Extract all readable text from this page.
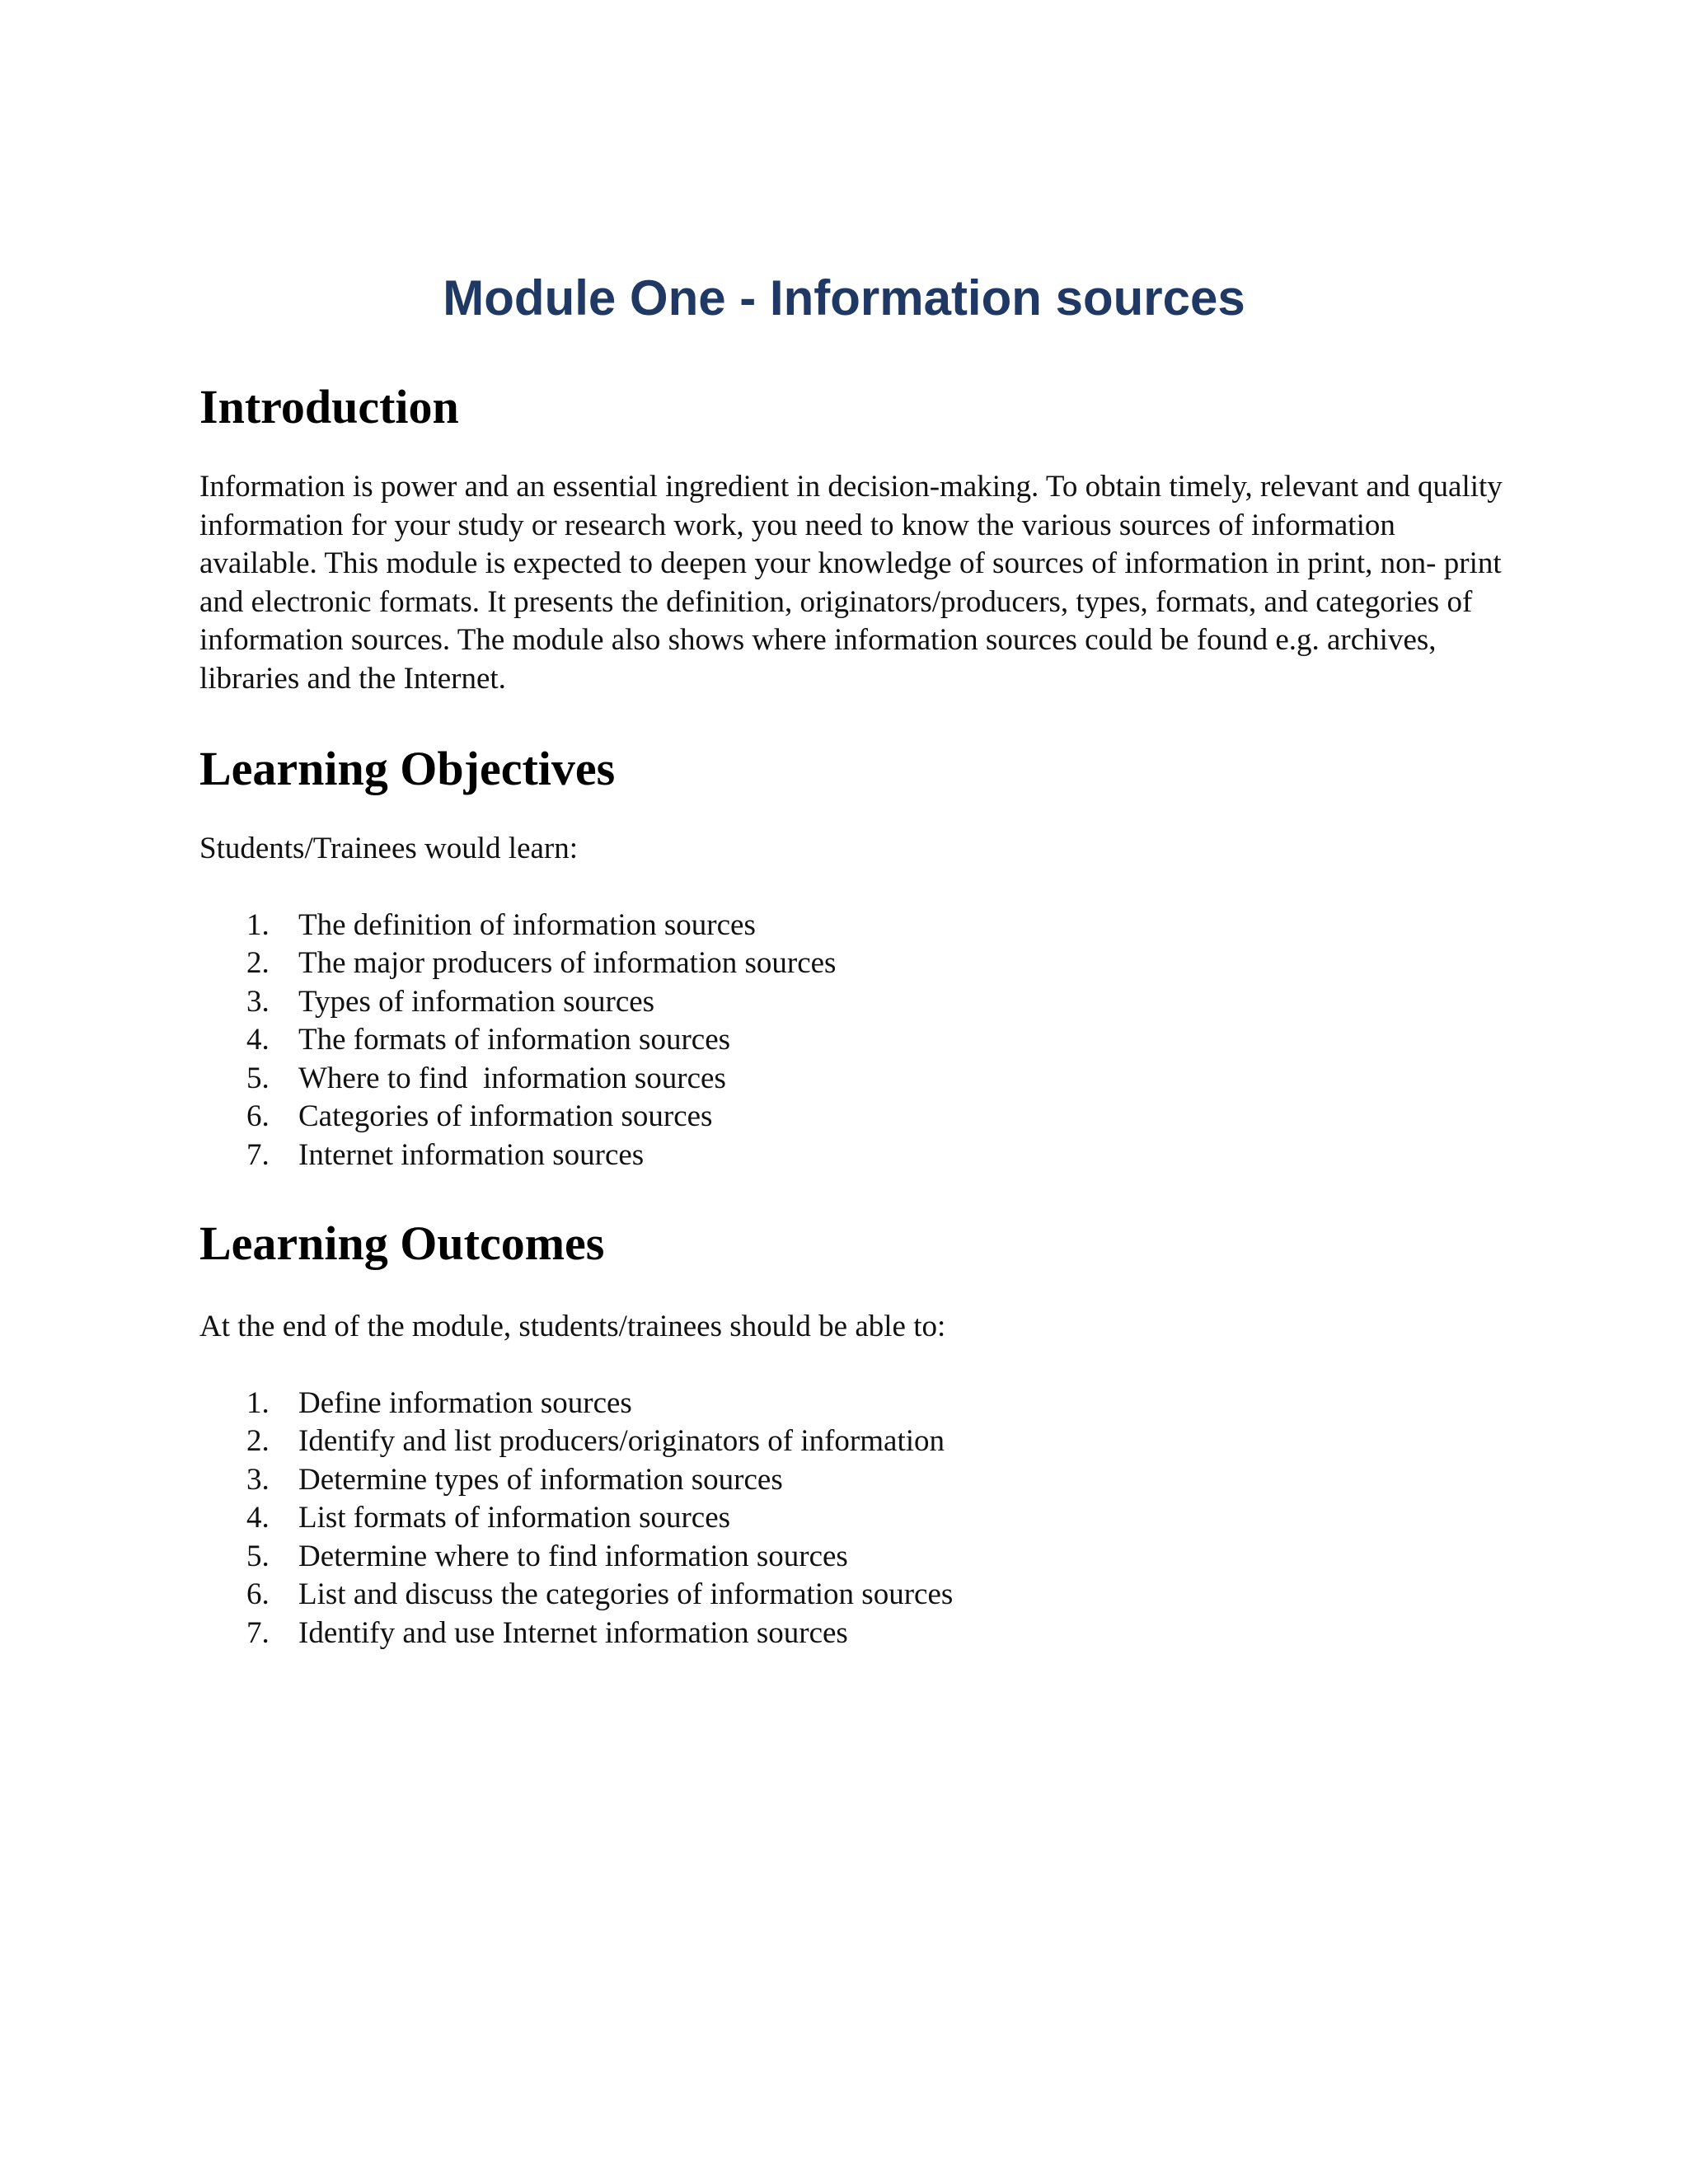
Module One - Information sources
Introduction

Information is power and an essential ingredient in decision-making. To obtain timely, relevant and quality information for your study or research work, you need to know the various sources of information available. This module is expected to deepen your knowledge of sources of information in print, non- print and electronic formats. It presents the definition, originators/producers, types, formats, and categories of information sources. The module also shows where information sources could be found e.g. archives, libraries and the Internet.

Learning Objectives

Students/Trainees would learn:

1. The definition of information sources
2. The major producers of information sources
3. Types of information sources
4. The formats of information sources
5. Where to find  information sources
6. Categories of information sources
7. Internet information sources
Learning Outcomes

At the end of the module, students/trainees should be able to:

1. Define information sources
2. Identify and list producers/originators of information
3. Determine types of information sources
4. List formats of information sources
5. Determine where to find information sources
6. List and discuss the categories of information sources
7. Identify and use Internet information sources
